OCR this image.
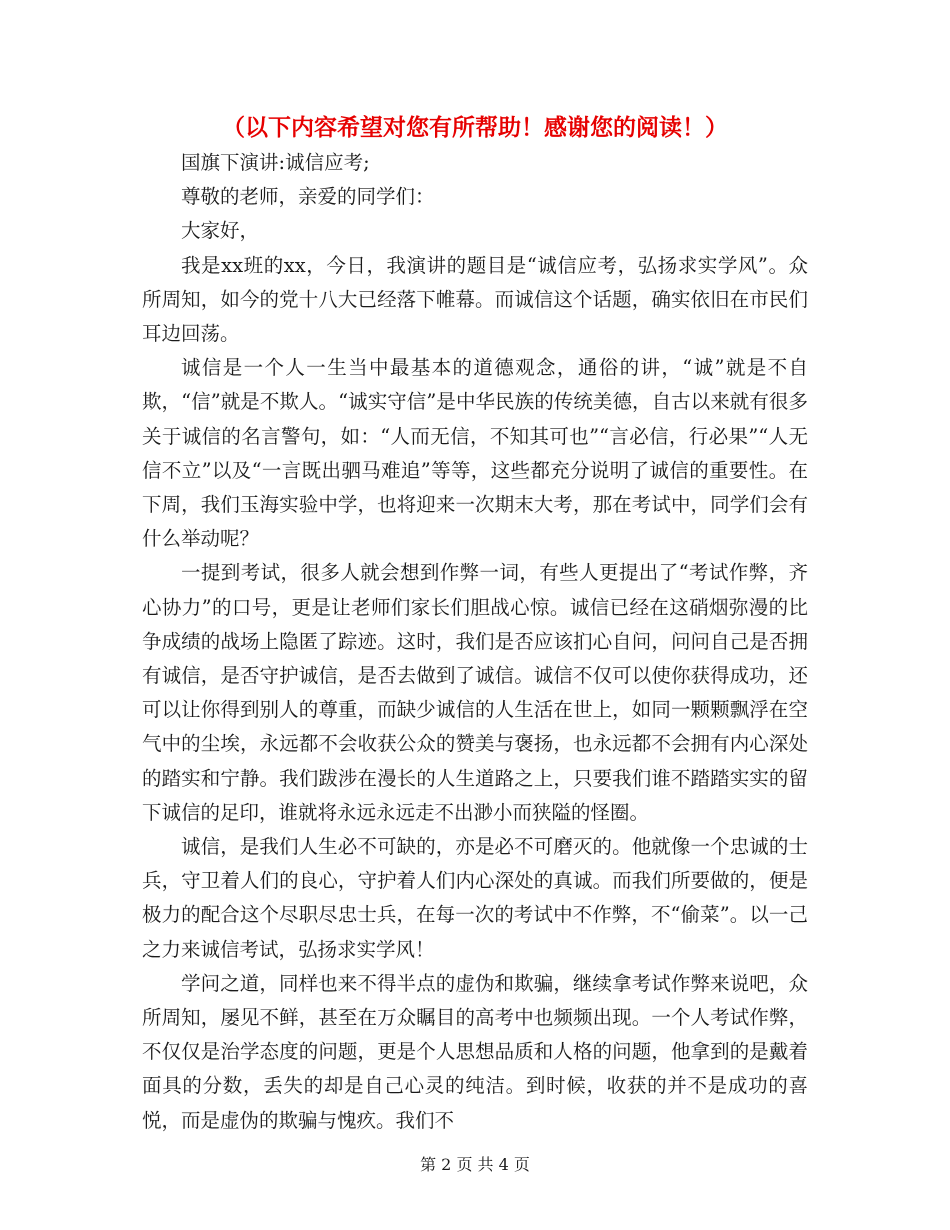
（以下内容希望对您有所帮助！感谢您的阅读！）

国旗下演讲:诚信应考;

尊敬的老师，亲爱的同学们：

大家好，

我是xx班的xx，今日，我演讲的题目是“诚信应考，弘扬求实学风”。众所周知，如今的党十八大已经落下帷幕。而诚信这个话题，确实依旧在市民们耳边回荡。

诚信是一个人一生当中最基本的道德观念，通俗的讲，“诚”就是不自欺，“信”就是不欺人。“诚实守信”是中华民族的传统美德，自古以来就有很多关于诚信的名言警句，如：“人而无信，不知其可也”“言必信，行必果”“人无信不立”以及“一言既出驷马难追”等等，这些都充分说明了诚信的重要性。在下周，我们玉海实验中学，也将迎来一次期末大考，那在考试中，同学们会有什么举动呢？

一提到考试，很多人就会想到作弊一词，有些人更提出了“考试作弊，齐心协力”的口号，更是让老师们家长们胆战心惊。诚信已经在这硝烟弥漫的比争成绩的战场上隐匿了踪迹。这时，我们是否应该扪心自问，问问自己是否拥有诚信，是否守护诚信，是否去做到了诚信。诚信不仅可以使你获得成功，还可以让你得到别人的尊重，而缺少诚信的人生活在世上，如同一颗颗飘浮在空气中的尘埃，永远都不会收获公众的赞美与褒扬，也永远都不会拥有内心深处的踏实和宁静。我们跋涉在漫长的人生道路之上，只要我们谁不踏踏实实的留下诚信的足印，谁就将永远永远走不出渺小而狭隘的怪圈。

诚信，是我们人生必不可缺的，亦是必不可磨灭的。他就像一个忠诚的士兵，守卫着人们的良心，守护着人们内心深处的真诚。而我们所要做的，便是极力的配合这个尽职尽忠士兵，在每一次的考试中不作弊，不“偷菜”。以一己之力来诚信考试，弘扬求实学风！

学问之道，同样也来不得半点的虚伪和欺骗，继续拿考试作弊来说吧，众所周知，屡见不鲜，甚至在万众瞩目的高考中也频频出现。一个人考试作弊，不仅仅是治学态度的问题，更是个人思想品质和人格的问题，他拿到的是戴着面具的分数，丢失的却是自己心灵的纯洁。到时候，收获的并不是成功的喜悦，而是虚伪的欺骗与愧疚。我们不

第 2 页 共 4 页
